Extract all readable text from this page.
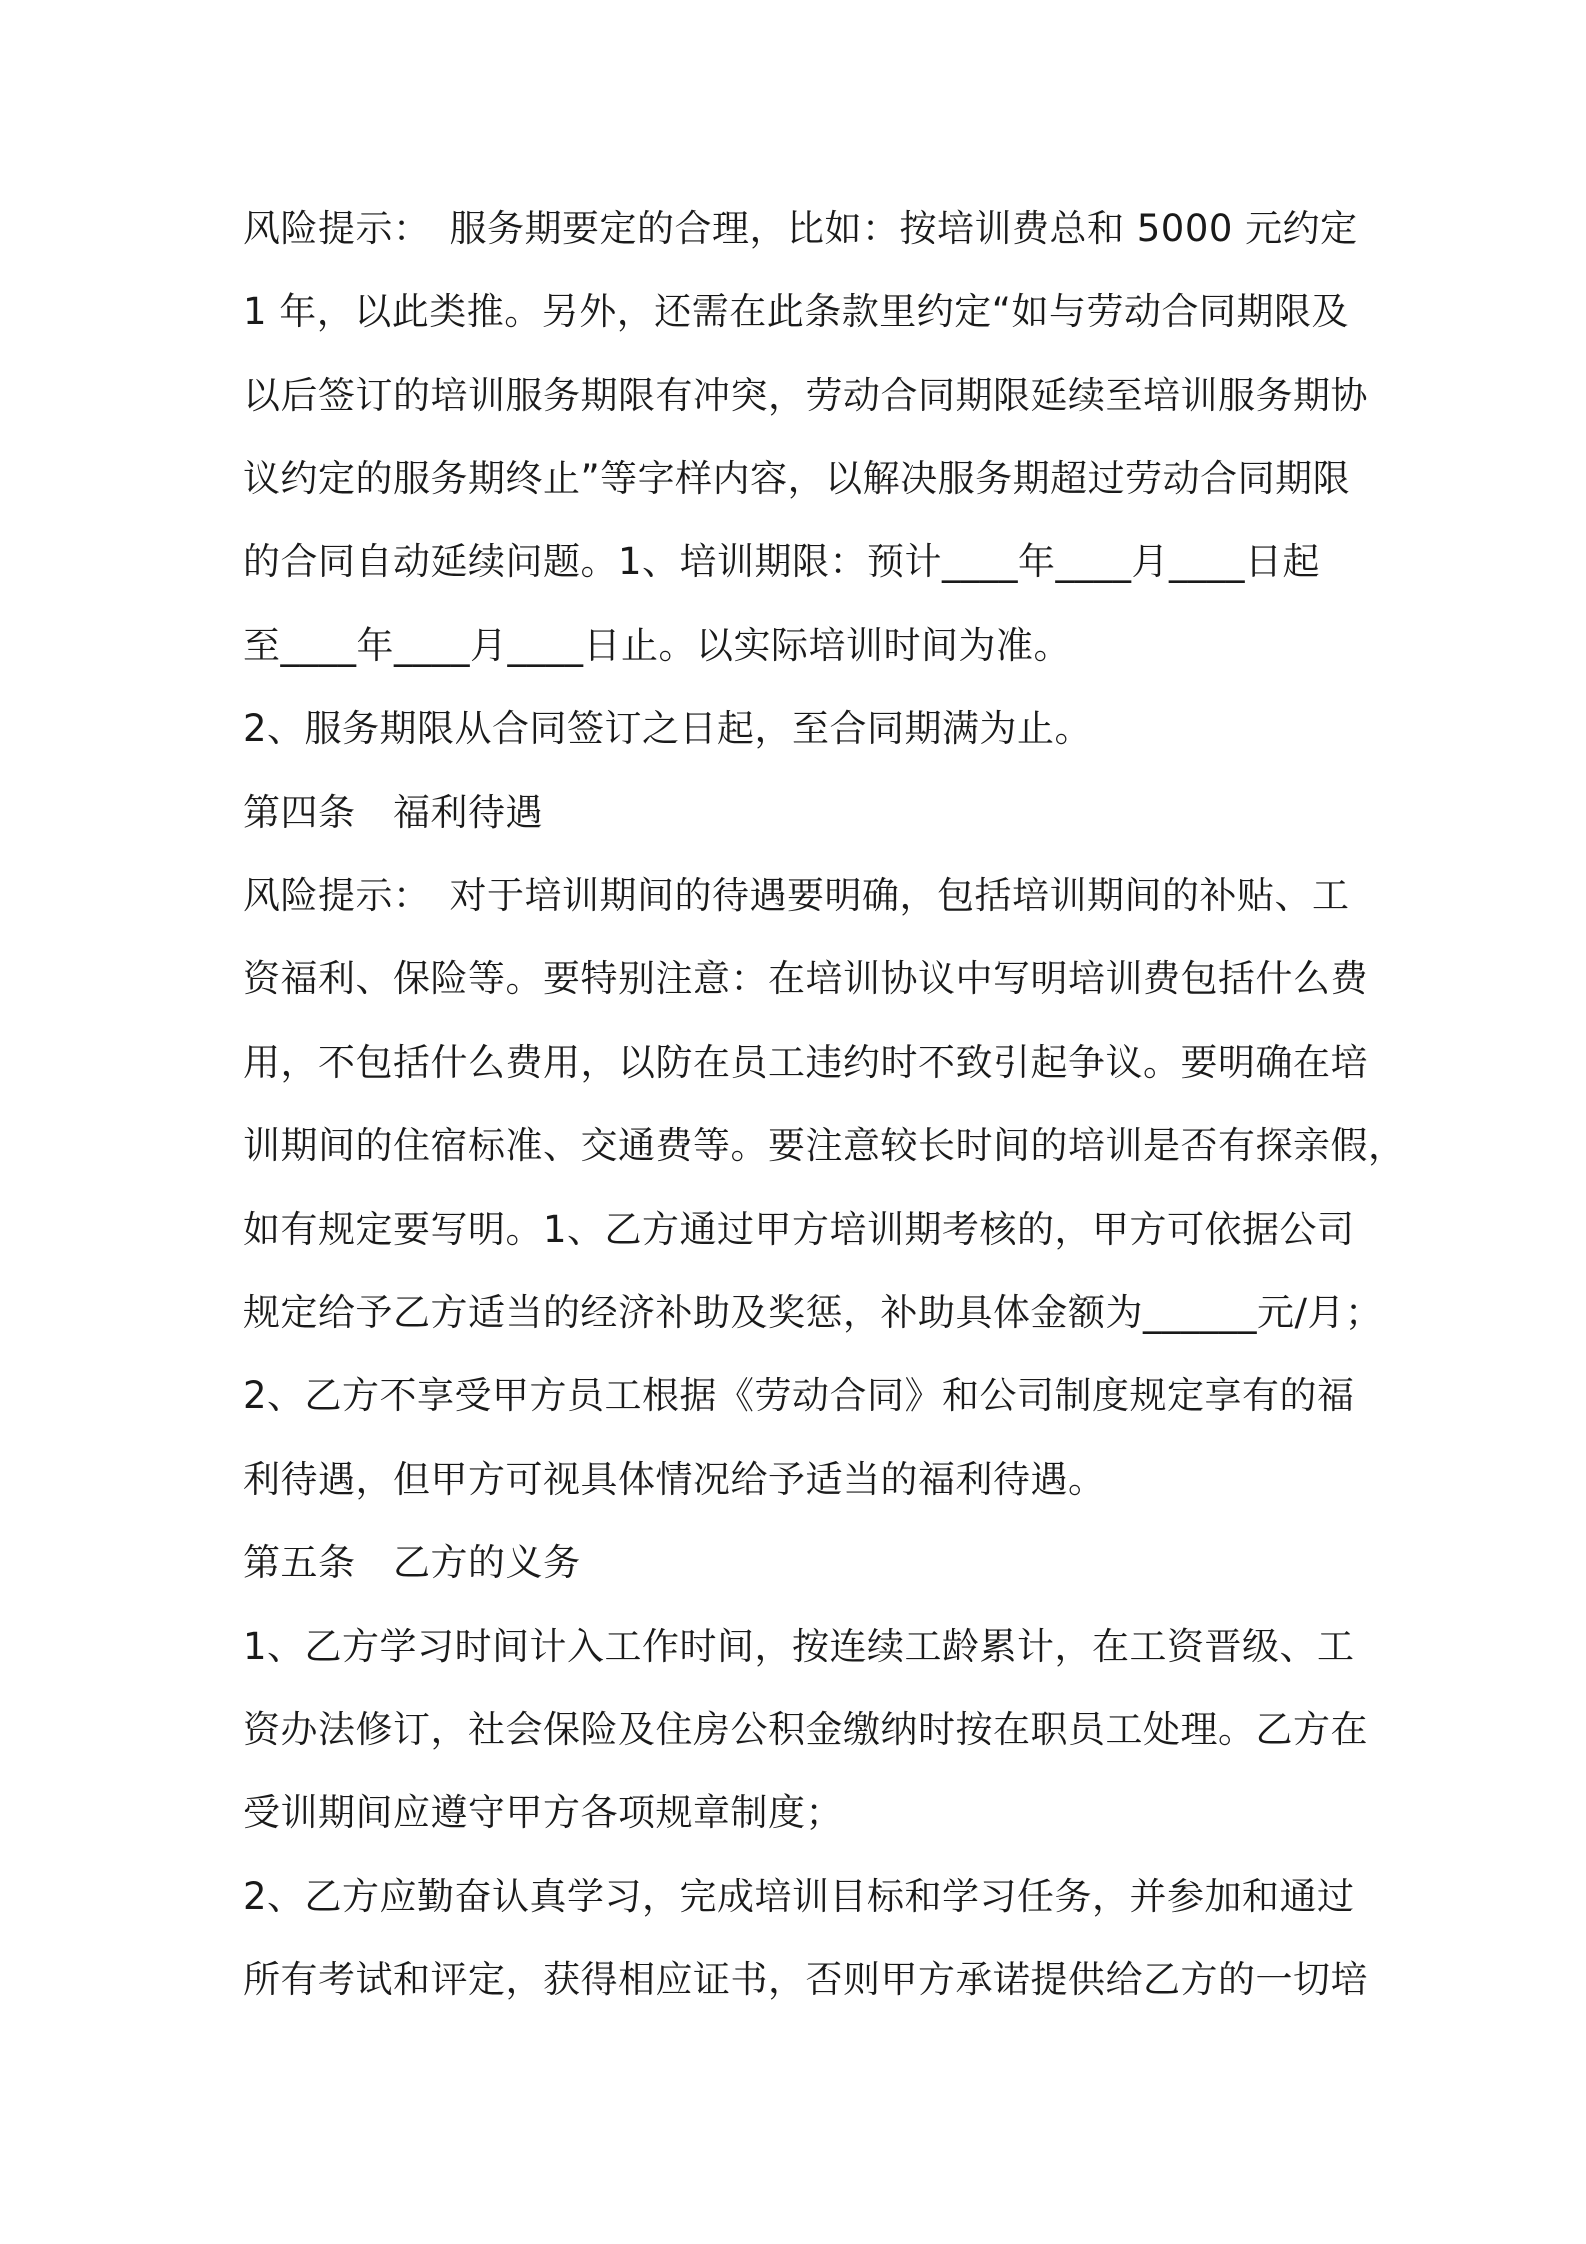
风险提示：　服务期要定的合理，比如：按培训费总和 5000 元约定
1 年，以此类推。另外，还需在此条款里约定“如与劳动合同期限及
以后签订的培训服务期限有冲突，劳动合同期限延续至培训服务期协
议约定的服务期终止”等字样内容，以解决服务期超过劳动合同期限
的合同自动延续问题。1、培训期限：预计____年____月____日起
至____年____月____日止。以实际培训时间为准。
2、服务期限从合同签订之日起，至合同期满为止。
第四条　福利待遇
风险提示：　对于培训期间的待遇要明确，包括培训期间的补贴、工
资福利、保险等。要特别注意：在培训协议中写明培训费包括什么费
用，不包括什么费用，以防在员工违约时不致引起争议。要明确在培
训期间的住宿标准、交通费等。要注意较长时间的培训是否有探亲假，
如有规定要写明。1、乙方通过甲方培训期考核的，甲方可依据公司
规定给予乙方适当的经济补助及奖惩，补助具体金额为______元/月；
2、乙方不享受甲方员工根据《劳动合同》和公司制度规定享有的福
利待遇，但甲方可视具体情况给予适当的福利待遇。
第五条　乙方的义务
1、乙方学习时间计入工作时间，按连续工龄累计，在工资晋级、工
资办法修订，社会保险及住房公积金缴纳时按在职员工处理。乙方在
受训期间应遵守甲方各项规章制度；
2、乙方应勤奋认真学习，完成培训目标和学习任务，并参加和通过
所有考试和评定，获得相应证书，否则甲方承诺提供给乙方的一切培
